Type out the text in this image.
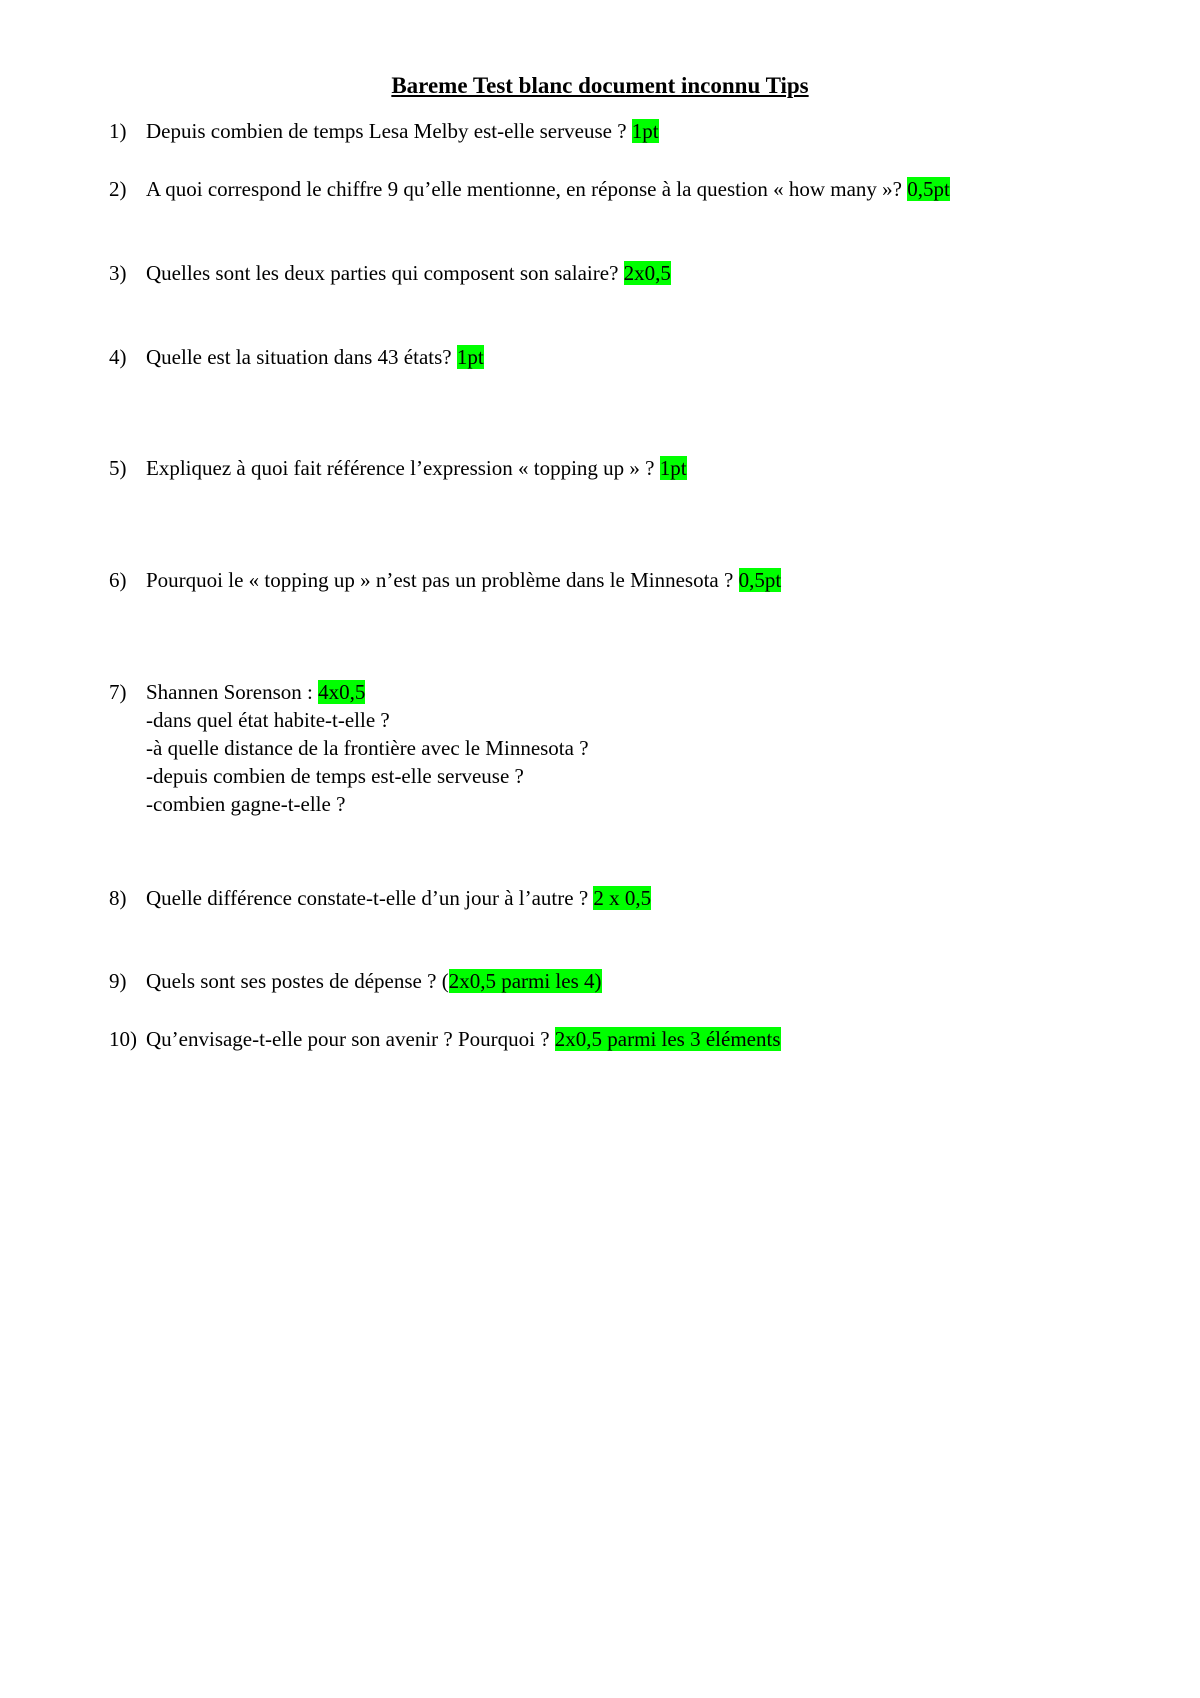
Bareme Test blanc document inconnu Tips
1) Depuis combien de temps Lesa Melby est-elle serveuse ? 1pt
2) A quoi correspond le chiffre 9 qu’elle mentionne, en réponse à la question « how many »? 0,5pt
3) Quelles sont les deux parties qui composent son salaire? 2x0,5
4) Quelle est la situation dans 43 états? 1pt
5) Expliquez à quoi fait référence l’expression « topping up » ? 1pt
6) Pourquoi le « topping up » n’est pas un problème dans le Minnesota ? 0,5pt
7) Shannen Sorenson : 4x0,5
-dans quel état habite-t-elle ?
-à quelle distance de la frontière avec le Minnesota ?
-depuis combien de temps est-elle serveuse ?
-combien gagne-t-elle ?
8) Quelle différence constate-t-elle d’un jour à l’autre ? 2 x 0,5
9) Quels sont ses postes de dépense ? (2x0,5 parmi les 4)
10) Qu’envisage-t-elle pour son avenir ? Pourquoi ? 2x0,5 parmi les 3 éléments
